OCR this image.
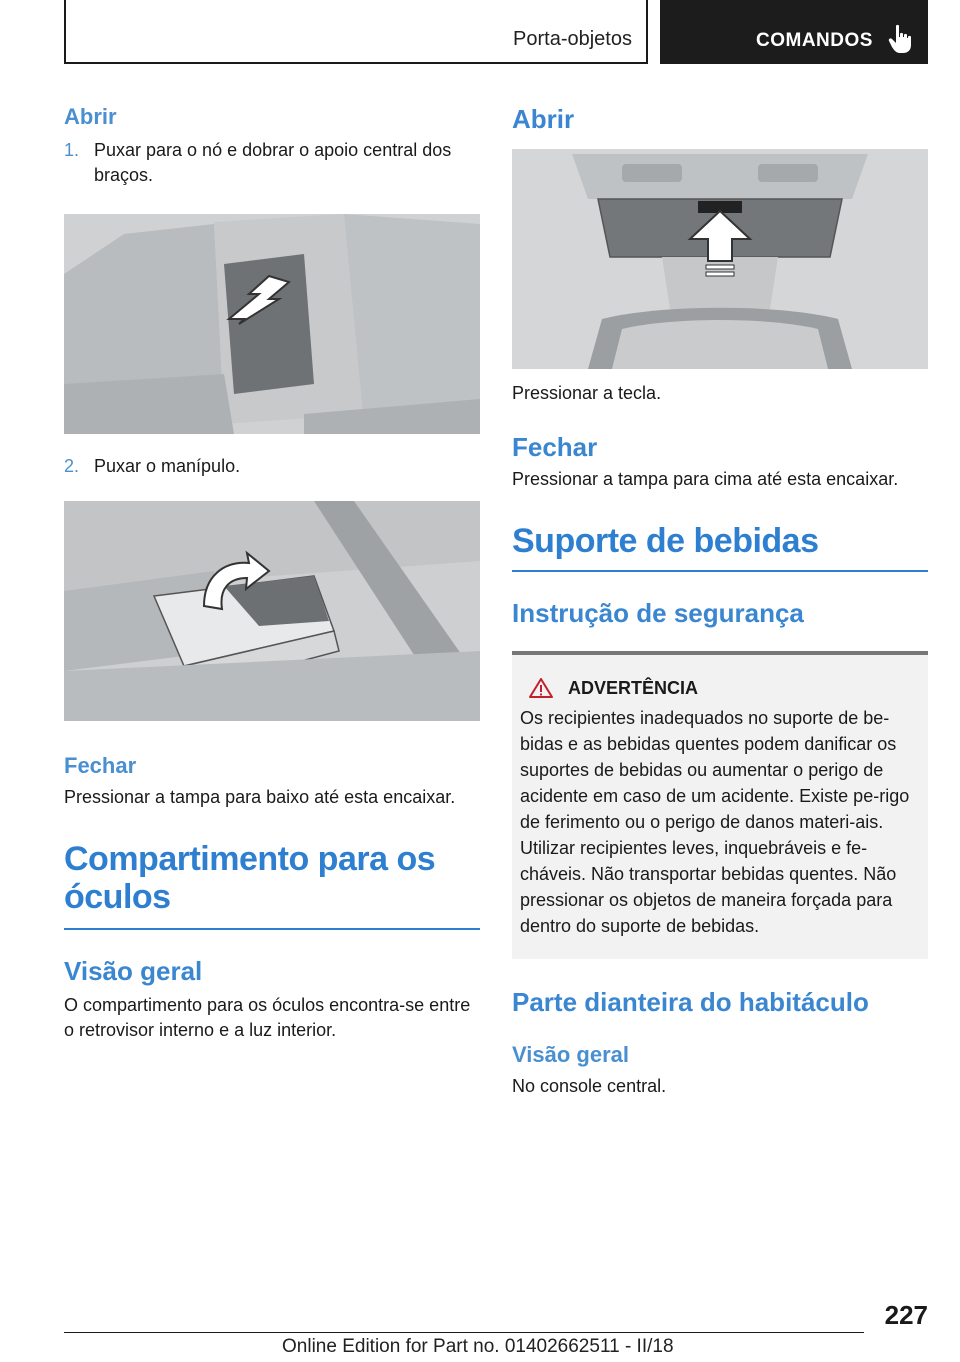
Porta-objetos	COMANDOS
Abrir
1. Puxar para o nó e dobrar o apoio central dos braços.
2. Puxar o manípulo.
Fechar

Pressionar a tampa para baixo até esta encaixar.

Compartimento para os óculos
Visão geral

O compartimento para os óculos encontra-se entre o retrovisor interno e a luz interior.

Abrir

Pressionar a tecla.

Fechar

Pressionar a tampa para cima até esta encaixar.

Suporte de bebidas
Instrução de segurança
ADVERTÊNCIA
Os recipientes inadequados no suporte de be-bidas e as bebidas quentes podem danificar os suportes de bebidas ou aumentar o perigo de acidente em caso de um acidente. Existe pe-rigo de ferimento ou o perigo de danos materi-ais. Utilizar recipientes leves, inquebráveis e fe-cháveis. Não transportar bebidas quentes. Não pressionar os objetos de maneira forçada para dentro do suporte de bebidas.
Parte dianteira do habitáculo
Visão geral

No console central.

227
Online Edition for Part no. 01402662511 - II/18
